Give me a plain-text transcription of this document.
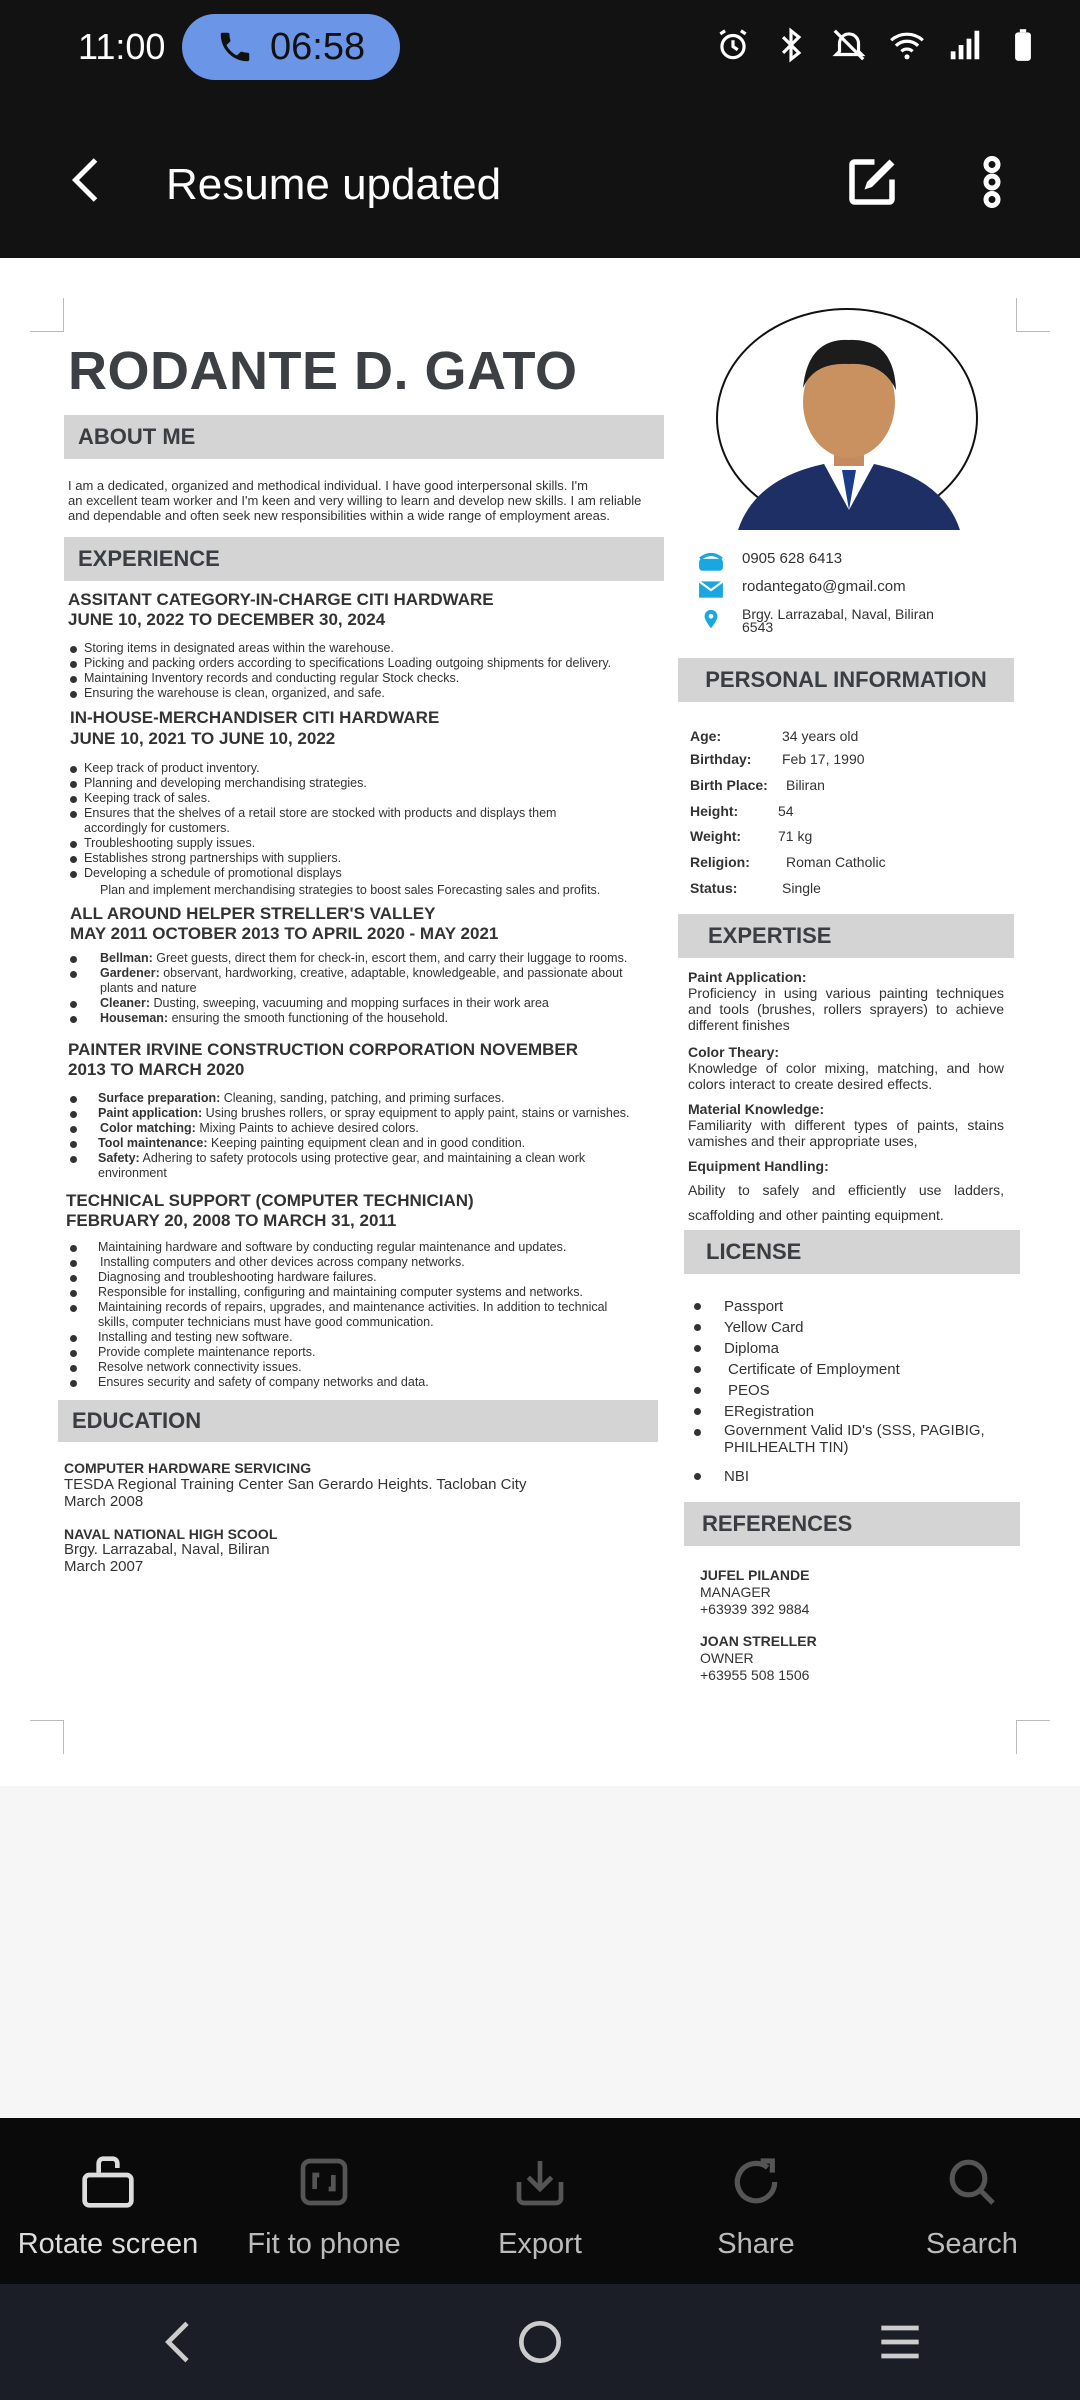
11:00	06:58
Resume updated
RODANTE D. GATO
ABOUT ME
I am a dedicated, organized and methodical individual. I have good interpersonal skills. I'm
an excellent team worker and I'm keen and very willing to learn and develop new skills. I am reliable
and dependable and often seek new responsibilities within a wide range of employment areas.
EXPERIENCE
ASSITANT CATEGORY-IN-CHARGE CITI HARDWARE
JUNE 10, 2022 TO DECEMBER 30, 2024
Storing items in designated areas within the warehouse.
Picking and packing orders according to specifications Loading outgoing shipments for delivery.
Maintaining Inventory records and conducting regular Stock checks.
Ensuring the warehouse is clean, organized, and safe.
IN-HOUSE-MERCHANDISER CITI HARDWARE
JUNE 10, 2021 TO JUNE 10, 2022
Keep track of product inventory.
Planning and developing merchandising strategies.
Keeping track of sales.
Ensures that the shelves of a retail store are stocked with products and displays them accordingly for customers.
Troubleshooting supply issues.
Establishes strong partnerships with suppliers.
Developing a schedule of promotional displays
Plan and implement merchandising strategies to boost sales Forecasting sales and profits.
ALL AROUND HELPER STRELLER'S VALLEY
MAY 2011 OCTOBER 2013 TO APRIL 2020 - MAY 2021
Bellman: Greet guests, direct them for check-in, escort them, and carry their luggage to rooms.
Gardener: observant, hardworking, creative, adaptable, knowledgeable, and passionate about plants and nature
Cleaner: Dusting, sweeping, vacuuming and mopping surfaces in their work area
Houseman: ensuring the smooth functioning of the household.
PAINTER IRVINE CONSTRUCTION CORPORATION NOVEMBER
2013 TO MARCH 2020
Surface preparation: Cleaning, sanding, patching, and priming surfaces.
Paint application: Using brushes rollers, or spray equipment to apply paint, stains or varnishes.
Color matching: Mixing Paints to achieve desired colors.
Tool maintenance: Keeping painting equipment clean and in good condition.
Safety: Adhering to safety protocols using protective gear, and maintaining a clean work environment
TECHNICAL SUPPORT (COMPUTER TECHNICIAN)
FEBRUARY 20, 2008 TO MARCH 31, 2011
Maintaining hardware and software by conducting regular maintenance and updates.
Installing computers and other devices across company networks.
Diagnosing and troubleshooting hardware failures.
Responsible for installing, configuring and maintaining computer systems and networks.
Maintaining records of repairs, upgrades, and maintenance activities. In addition to technical skills, computer technicians must have good communication.
Installing and testing new software.
Provide complete maintenance reports.
Resolve network connectivity issues.
Ensures security and safety of company networks and data.
EDUCATION
COMPUTER HARDWARE SERVICING
TESDA Regional Training Center San Gerardo Heights. Tacloban City
March 2008
NAVAL NATIONAL HIGH SCOOL
Brgy. Larrazabal, Naval, Biliran
March 2007
0905 628 6413
rodantegato@gmail.com
Brgy. Larrazabal, Naval, Biliran
6543
PERSONAL INFORMATION
Age:	34 years old
Birthday:	Feb 17, 1990
Birth Place:	Biliran
Height:	54
Weight:	71 kg
Religion:	Roman Catholic
Status:	Single
EXPERTISE
Paint Application:
Proficiency in using various painting techniques and tools (brushes, rollers sprayers) to achieve different finishes
Color Theary:
Knowledge of color mixing, matching, and how colors interact to create desired effects.
Material Knowledge:
Familiarity with different types of paints, stains vamishes and their appropriate uses,
Equipment Handling:
Ability to safely and efficiently use ladders, scaffolding and other painting equipment.
LICENSE
Passport
Yellow Card
Diploma
Certificate of Employment
PEOS
ERegistration
Government Valid ID's (SSS, PAGIBIG, PHILHEALTH TIN)
NBI
REFERENCES
JUFEL PILANDE
MANAGER
+63939 392 9884
JOAN STRELLER
OWNER
+63955 508 1506
Rotate screen Fit to phone	Export	Share	Search
